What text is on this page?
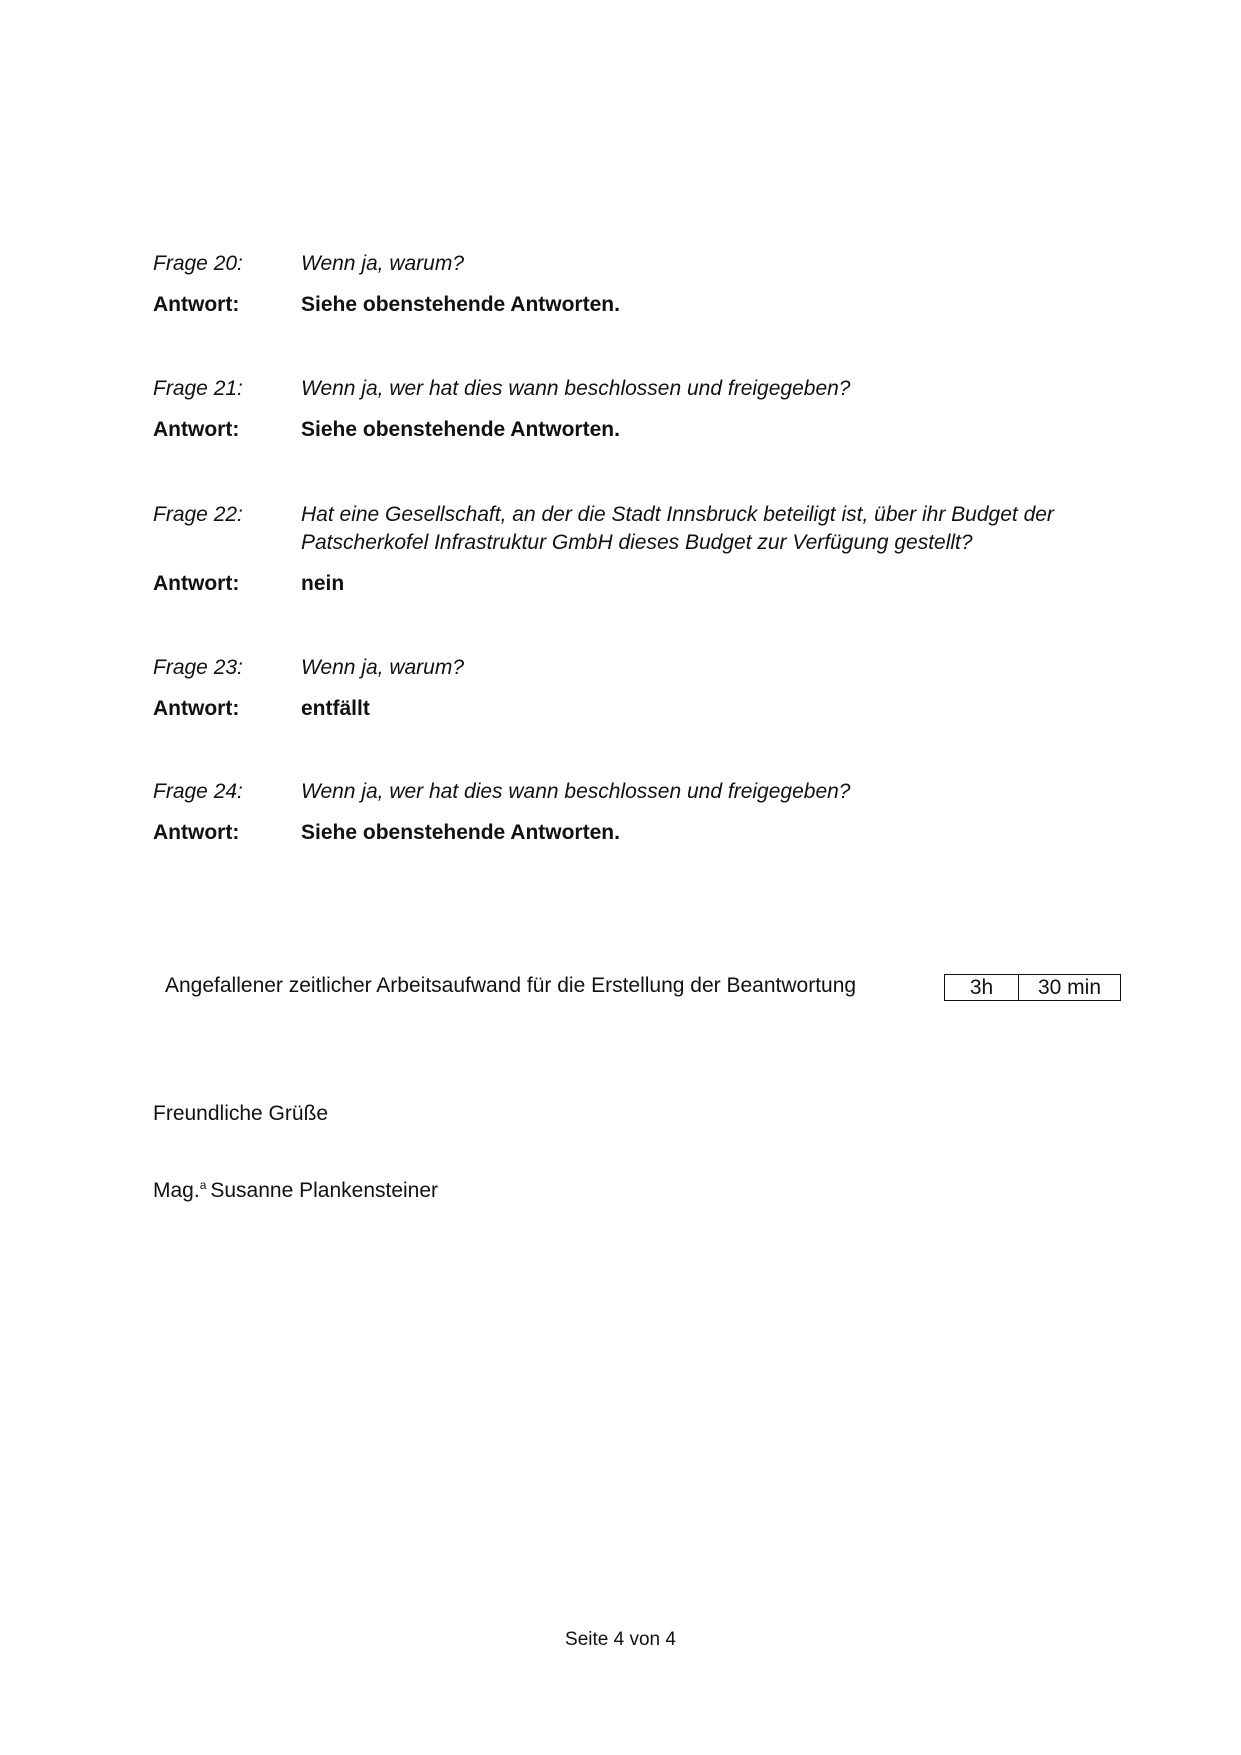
Frage 20:	Wenn ja, warum?
Antwort:	Siehe obenstehende Antworten.
Frage 21:	Wenn ja, wer hat dies wann beschlossen und freigegeben?
Antwort:	Siehe obenstehende Antworten.
Frage 22:	Hat eine Gesellschaft, an der die Stadt Innsbruck beteiligt ist, über ihr Budget der Patscherkofel Infrastruktur GmbH dieses Budget zur Verfügung gestellt?
Antwort:	nein
Frage 23:	Wenn ja, warum?
Antwort:	entfällt
Frage 24:	Wenn ja, wer hat dies wann beschlossen und freigegeben?
Antwort:	Siehe obenstehende Antworten.
Angefallener zeitlicher Arbeitsaufwand für die Erstellung der Beantwortung	3h	30 min
Freundliche Grüße
Mag.$^a$ Susanne Plankensteiner
Seite 4 von 4
